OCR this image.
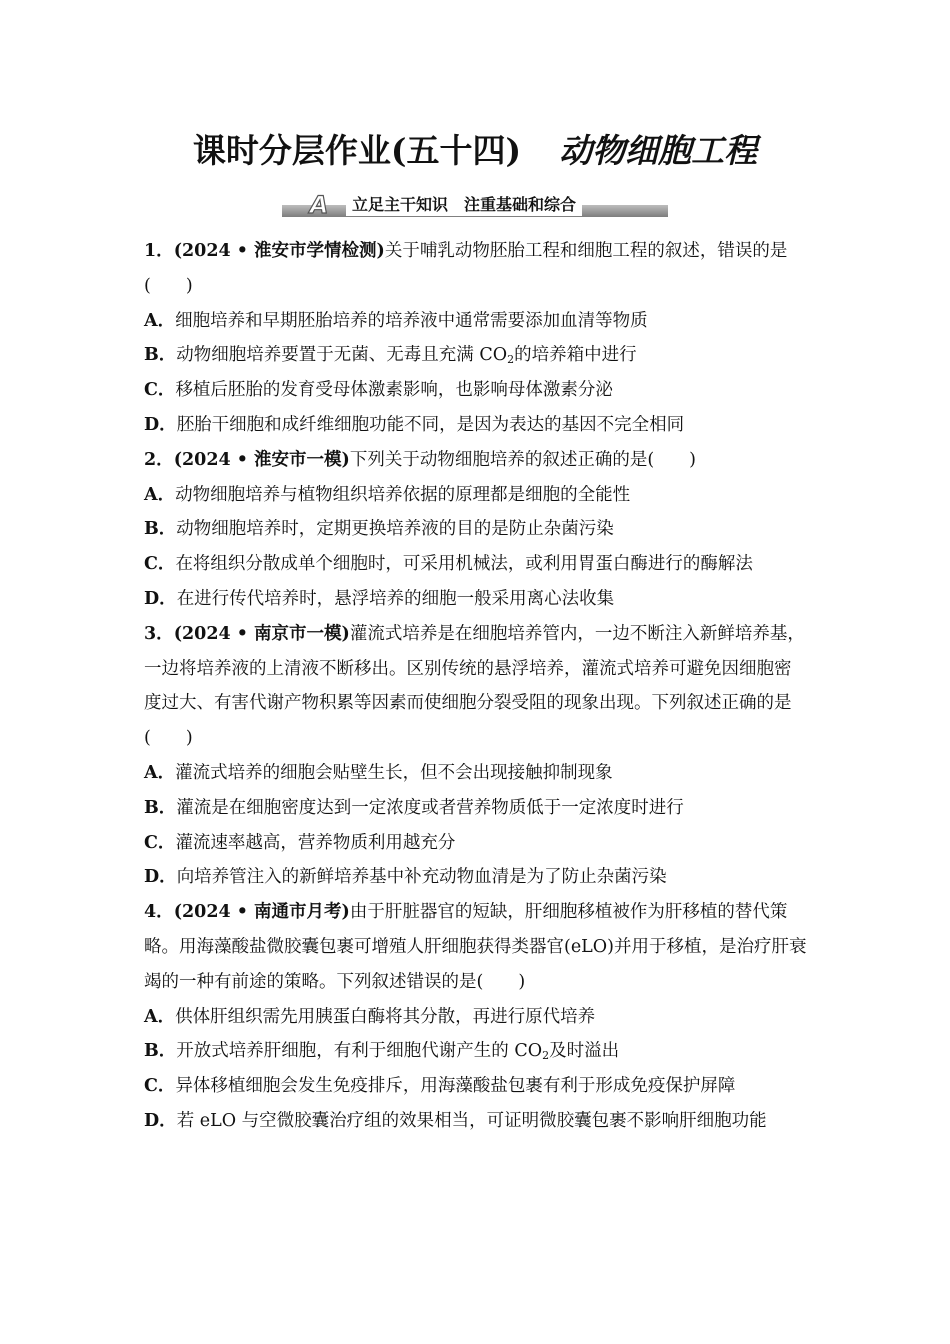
课时分层作业(五十四) 动物细胞工程
A	立足主干知识　注重基础和综合

1．(2024 • 淮安市学情检测)关于哺乳动物胚胎工程和细胞工程的叙述，错误的是(　　)

A．细胞培养和早期胚胎培养的培养液中通常需要添加血清等物质

B．动物细胞培养要置于无菌、无毒且充满 $CO_2$的培养箱中进行

C．移植后胚胎的发育受母体激素影响，也影响母体激素分泌

D．胚胎干细胞和成纤维细胞功能不同，是因为表达的基因不完全相同

2．(2024 • 淮安市一模)下列关于动物细胞培养的叙述正确的是(　　)

A．动物细胞培养与植物组织培养依据的原理都是细胞的全能性

B．动物细胞培养时，定期更换培养液的目的是防止杂菌污染

C．在将组织分散成单个细胞时，可采用机械法，或利用胃蛋白酶进行的酶解法

D．在进行传代培养时，悬浮培养的细胞一般采用离心法收集

3．(2024 • 南京市一模)灌流式培养是在细胞培养管内，一边不断注入新鲜培养基，一边将培养液的上清液不断移出。区别传统的悬浮培养，灌流式培养可避免因细胞密度过大、有害代谢产物积累等因素而使细胞分裂受阻的现象出现。下列叙述正确的是(　　)

A．灌流式培养的细胞会贴壁生长，但不会出现接触抑制现象

B．灌流是在细胞密度达到一定浓度或者营养物质低于一定浓度时进行

C．灌流速率越高，营养物质利用越充分

D．向培养管注入的新鲜培养基中补充动物血清是为了防止杂菌污染

4．(2024 • 南通市月考)由于肝脏器官的短缺，肝细胞移植被作为肝移植的替代策略。用海藻酸盐微胶囊包裹可增殖人肝细胞获得类器官(eLO)并用于移植，是治疗肝衰竭的一种有前途的策略。下列叙述错误的是(　　)

A．供体肝组织需先用胰蛋白酶将其分散，再进行原代培养

B．开放式培养肝细胞，有利于细胞代谢产生的 $CO_2$及时溢出

C．异体移植细胞会发生免疫排斥，用海藻酸盐包裹有利于形成免疫保护屏障

D．若 eLO 与空微胶囊治疗组的效果相当，可证明微胶囊包裹不影响肝细胞功能
